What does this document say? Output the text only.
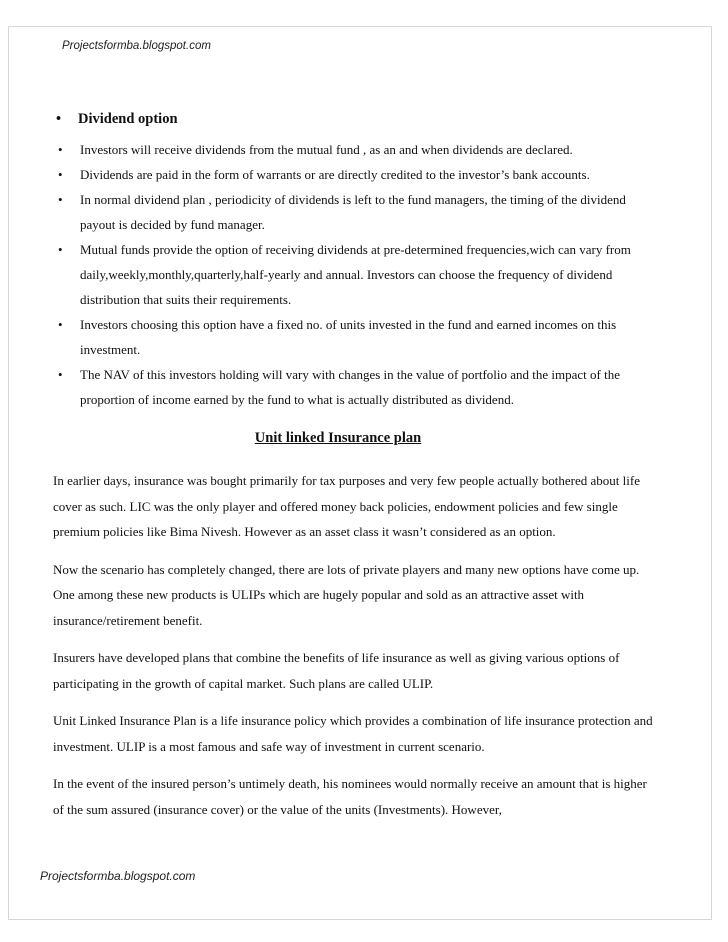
Projectsformba.blogspot.com
• Dividend option
• Investors will receive dividends from the mutual fund , as an and when dividends are declared.
• Dividends are paid in the form of warrants or are directly credited to the investor’s bank accounts.
• In normal dividend plan , periodicity of dividends is left to the fund managers, the timing of the dividend payout is decided by fund manager.
• Mutual funds provide the option of receiving dividends at pre-determined frequencies,wich can vary from daily,weekly,monthly,quarterly,half-yearly and annual. Investors can choose the frequency of dividend distribution that suits their requirements.
• Investors choosing this option have a fixed no. of units invested in the fund and earned incomes on this investment.
• The NAV of this investors holding will vary with changes in the value of portfolio and the impact of the proportion of income earned by the fund to what is actually distributed as dividend.
Unit linked Insurance plan

In earlier days, insurance was bought primarily for tax purposes and very few people actually bothered about life cover as such. LIC was the only player and offered money back policies, endowment policies and few single premium policies like Bima Nivesh. However as an asset class it wasn’t considered as an option.

Now the scenario has completely changed, there are lots of private players and many new options have come up. One among these new products is ULIPs which are hugely popular and sold as an attractive asset with insurance/retirement benefit.

Insurers have developed plans that combine the benefits of life insurance as well as giving various options of participating in the growth of capital market. Such plans are called ULIP.

Unit Linked Insurance Plan is a life insurance policy which provides a combination of life insurance protection and investment. ULIP is a most famous and safe way of investment in current scenario.

In the event of the insured person’s untimely death, his nominees would normally receive an amount that is higher of the sum assured (insurance cover) or the value of the units (Investments). However,

Projectsformba.blogspot.com
